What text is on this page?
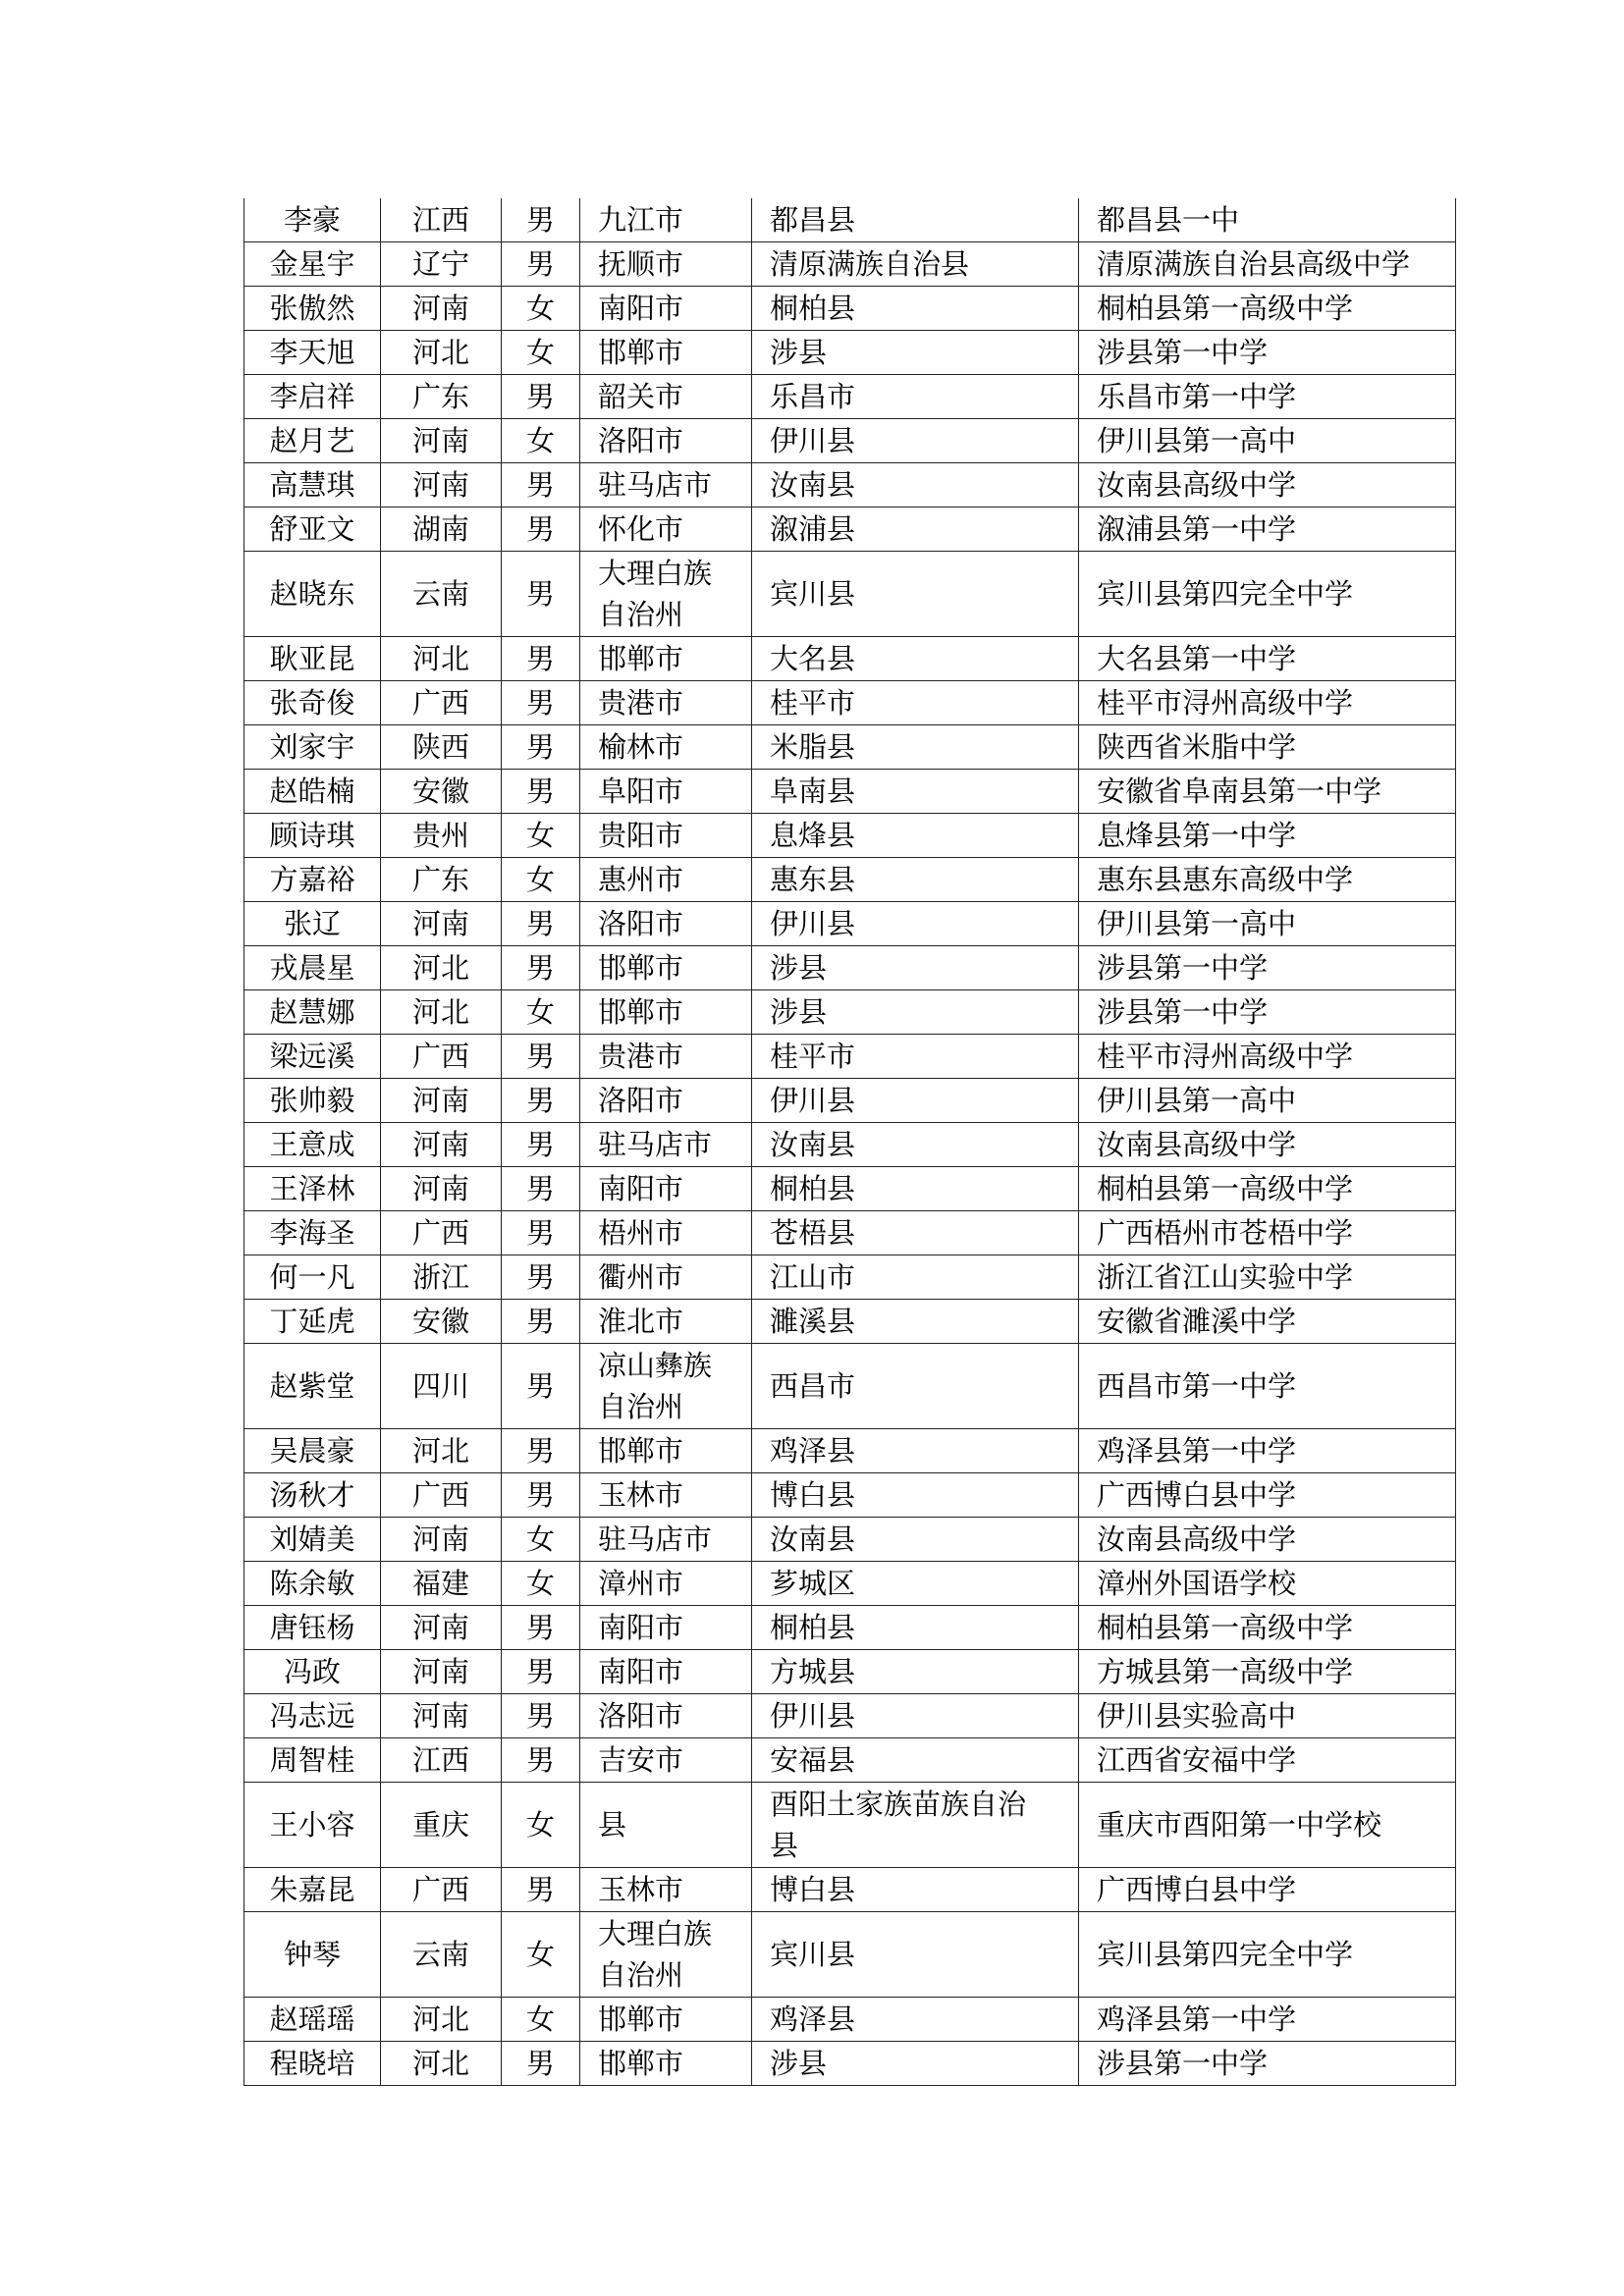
李豪	江西	男	九江市	都昌县	都昌县一中
金星宇	辽宁	男	抚顺市	清原满族自治县	清原满族自治县高级中学
张傲然	河南	女	南阳市	桐柏县	桐柏县第一高级中学
李天旭	河北	女	邯郸市	涉县	涉县第一中学
李启祥	广东	男	韶关市	乐昌市	乐昌市第一中学
赵月艺	河南	女	洛阳市	伊川县	伊川县第一高中
高慧琪	河南	男	驻马店市	汝南县	汝南县高级中学
舒亚文	湖南	男	怀化市	溆浦县	溆浦县第一中学
赵晓东	云南	男	大理白族自治州	宾川县	宾川县第四完全中学
耿亚昆	河北	男	邯郸市	大名县	大名县第一中学
张奇俊	广西	男	贵港市	桂平市	桂平市浔州高级中学
刘家宇	陕西	男	榆林市	米脂县	陕西省米脂中学
赵皓楠	安徽	男	阜阳市	阜南县	安徽省阜南县第一中学
顾诗琪	贵州	女	贵阳市	息烽县	息烽县第一中学
方嘉裕	广东	女	惠州市	惠东县	惠东县惠东高级中学
张辽	河南	男	洛阳市	伊川县	伊川县第一高中
戎晨星	河北	男	邯郸市	涉县	涉县第一中学
赵慧娜	河北	女	邯郸市	涉县	涉县第一中学
梁远溪	广西	男	贵港市	桂平市	桂平市浔州高级中学
张帅毅	河南	男	洛阳市	伊川县	伊川县第一高中
王意成	河南	男	驻马店市	汝南县	汝南县高级中学
王泽林	河南	男	南阳市	桐柏县	桐柏县第一高级中学
李海圣	广西	男	梧州市	苍梧县	广西梧州市苍梧中学
何一凡	浙江	男	衢州市	江山市	浙江省江山实验中学
丁延虎	安徽	男	淮北市	濉溪县	安徽省濉溪中学
赵紫堂	四川	男	凉山彝族自治州	西昌市	西昌市第一中学
吴晨豪	河北	男	邯郸市	鸡泽县	鸡泽县第一中学
汤秋才	广西	男	玉林市	博白县	广西博白县中学
刘婧美	河南	女	驻马店市	汝南县	汝南县高级中学
陈余敏	福建	女	漳州市	芗城区	漳州外国语学校
唐钰杨	河南	男	南阳市	桐柏县	桐柏县第一高级中学
冯政	河南	男	南阳市	方城县	方城县第一高级中学
冯志远	河南	男	洛阳市	伊川县	伊川县实验高中
周智桂	江西	男	吉安市	安福县	江西省安福中学
王小容	重庆	女	县	酉阳土家族苗族自治县	重庆市酉阳第一中学校
朱嘉昆	广西	男	玉林市	博白县	广西博白县中学
钟琴	云南	女	大理白族自治州	宾川县	宾川县第四完全中学
赵瑶瑶	河北	女	邯郸市	鸡泽县	鸡泽县第一中学
程晓培	河北	男	邯郸市	涉县	涉县第一中学
